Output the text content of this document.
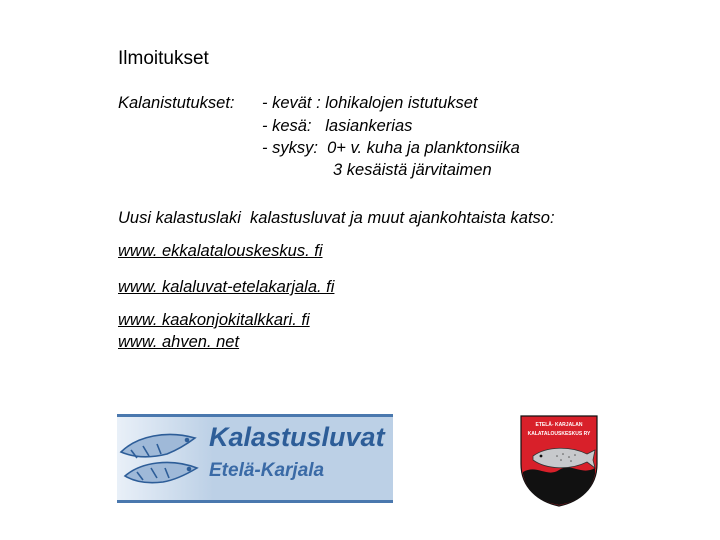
Ilmoitukset
Kalanistutukset: - kevät : lohikalojen istutukset
- kesä:   lasiankerias
- syksy:  0+ v. kuha ja planktonsiika
3 kesäistä järvitaimen
Uusi kalastuslaki  kalastusluvat ja muut ajankohtaista katso:
www. ekkalatalouskeskus. fi
www. kalaluvat-etelakarjala. fi
www. kaakonjokitalkkari. fi
www. ahven. net
Kalastusluvat
Etelä-Karjala
ETELÄ- KARJALAN
KALATALOUSKESKUS RY
